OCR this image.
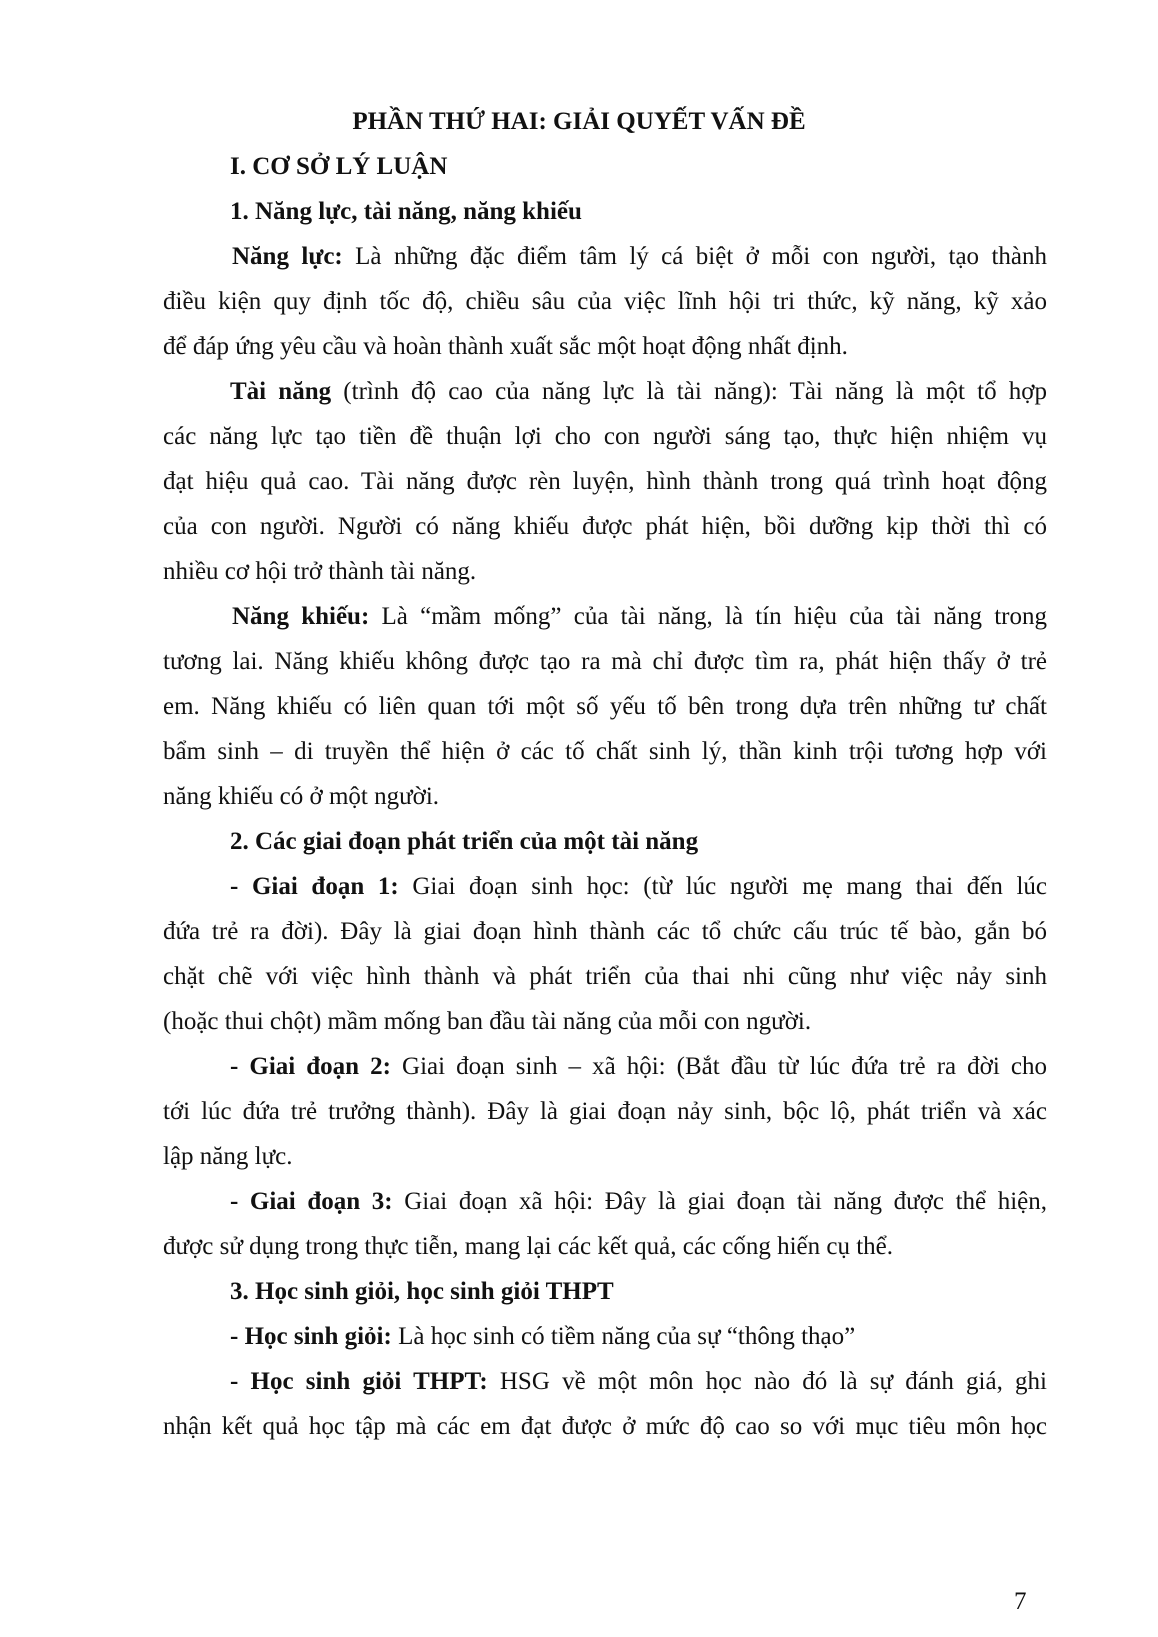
PHẦN THỨ HAI: GIẢI QUYẾT VẤN ĐỀ

I. CƠ SỞ LÝ LUẬN

1. Năng lực, tài năng, năng khiếu

Năng lực: Là những đặc điểm tâm lý cá biệt ở mỗi con người, tạo thành

điều kiện quy định tốc độ, chiều sâu của việc lĩnh hội tri thức, kỹ năng, kỹ xảo

để đáp ứng yêu cầu và hoàn thành xuất sắc một hoạt động nhất định.

Tài năng (trình độ cao của năng lực là tài năng): Tài năng là một tổ hợp

các năng lực tạo tiền đề thuận lợi cho con người sáng tạo, thực hiện nhiệm vụ

đạt hiệu quả cao. Tài năng được rèn luyện, hình thành trong quá trình hoạt động

của con người. Người có năng khiếu được phát hiện, bồi dưỡng kịp thời thì có

nhiều cơ hội trở thành tài năng.

Năng khiếu: Là “mầm mống” của tài năng, là tín hiệu của tài năng trong

tương lai. Năng khiếu không được tạo ra mà chỉ được tìm ra, phát hiện thấy ở trẻ

em. Năng khiếu có liên quan tới một số yếu tố bên trong dựa trên những tư chất

bẩm sinh – di truyền thể hiện ở các tố chất sinh lý, thần kinh trội tương hợp với

năng khiếu có ở một người.

2. Các giai đoạn phát triển của một tài năng

- Giai đoạn 1: Giai đoạn sinh học: (từ lúc người mẹ mang thai đến lúc

đứa trẻ ra đời). Đây là giai đoạn hình thành các tổ chức cấu trúc tế bào, gắn bó

chặt chẽ với việc hình thành và phát triển của thai nhi cũng như việc nảy sinh

(hoặc thui chột) mầm mống ban đầu tài năng của mỗi con người.

- Giai đoạn 2: Giai đoạn sinh – xã hội: (Bắt đầu từ lúc đứa trẻ ra đời cho

tới lúc đứa trẻ trưởng thành). Đây là giai đoạn nảy sinh, bộc lộ, phát triển và xác

lập năng lực.

- Giai đoạn 3: Giai đoạn xã hội: Đây là giai đoạn tài năng được thể hiện,

được sử dụng trong thực tiễn, mang lại các kết quả, các cống hiến cụ thể.

3. Học sinh giỏi, học sinh giỏi THPT

- Học sinh giỏi: Là học sinh có tiềm năng của sự “thông thạo”

- Học sinh giỏi THPT: HSG về một môn học nào đó là sự đánh giá, ghi

nhận kết quả học tập mà các em đạt được ở mức độ cao so với mục tiêu môn học

7
